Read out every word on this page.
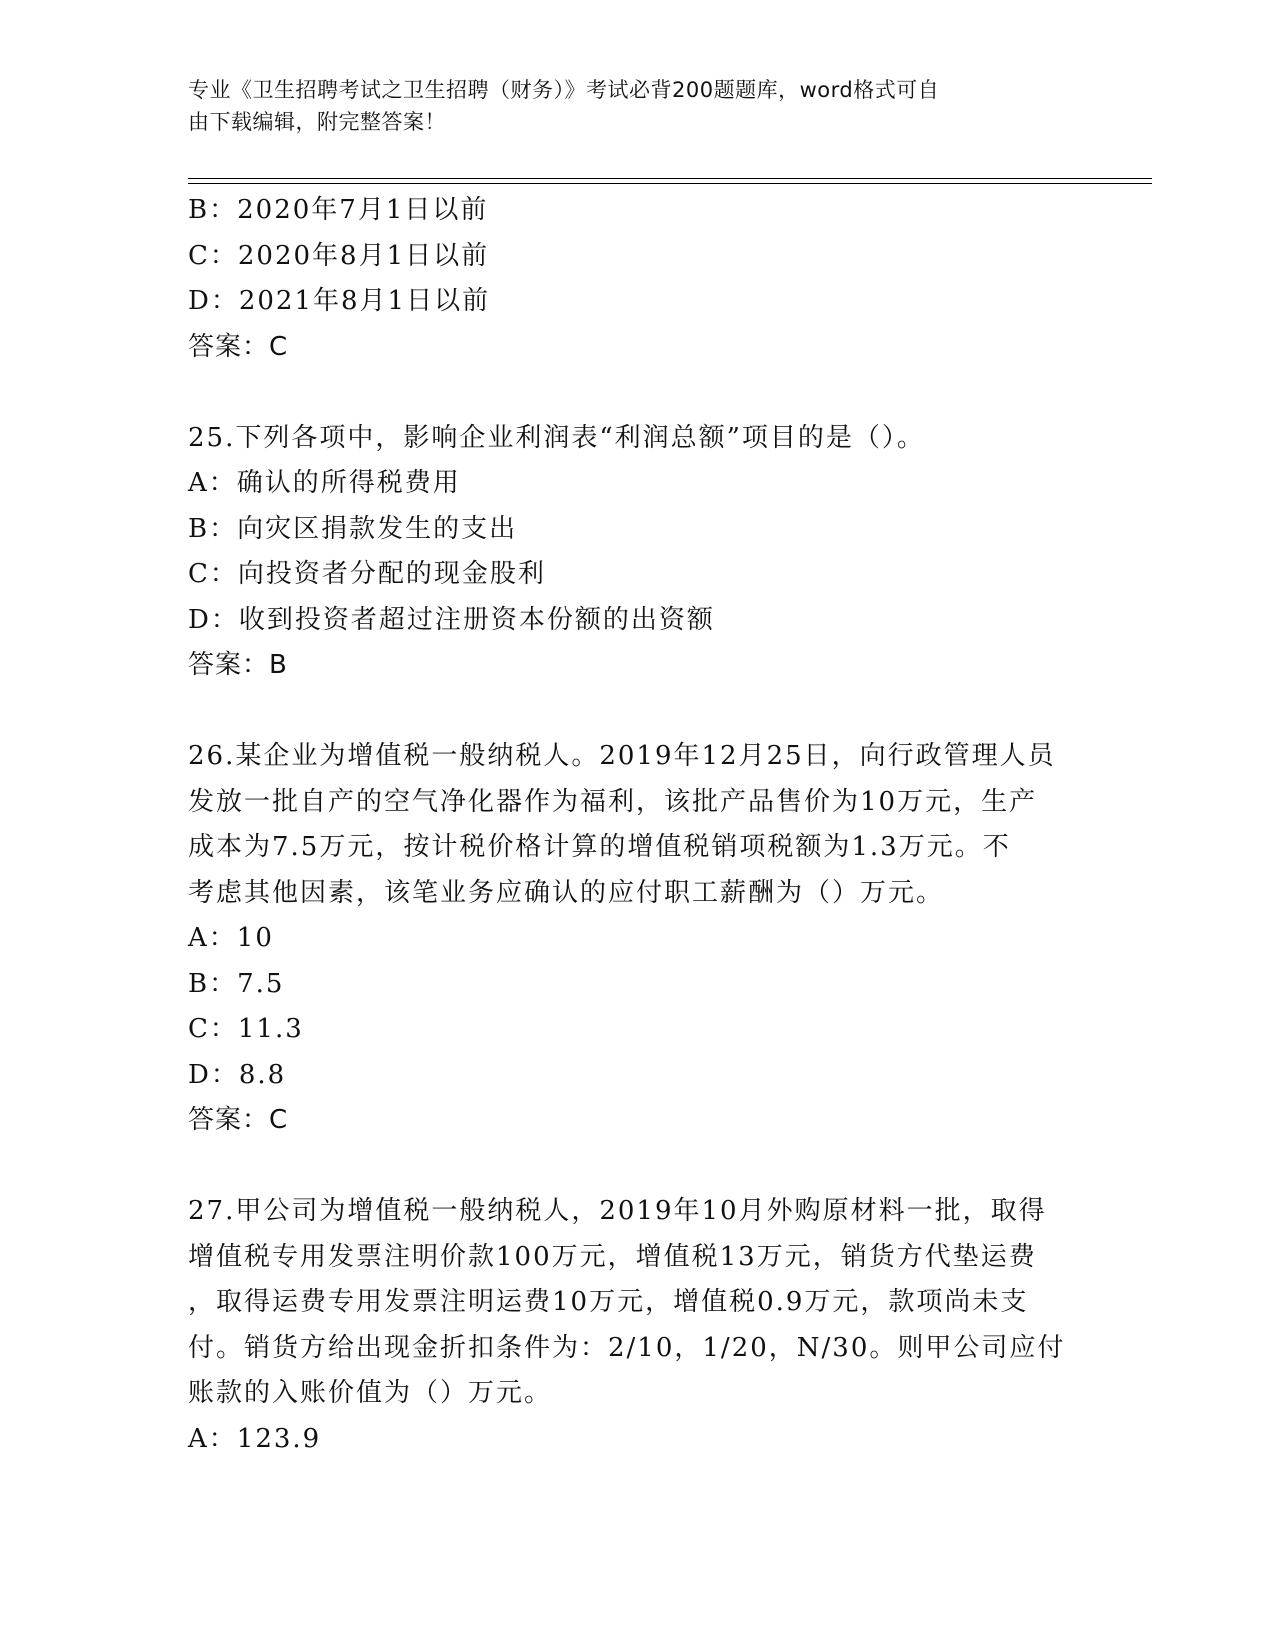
专业《卫生招聘考试之卫生招聘（财务）》考试必背200题题库，word格式可自
由下载编辑，附完整答案！
B：2020年7月1日以前
C：2020年8月1日以前
D：2021年8月1日以前
答案：C
25.下列各项中，影响企业利润表“利润总额”项目的是（）。
A：确认的所得税费用
B：向灾区捐款发生的支出
C：向投资者分配的现金股利
D：收到投资者超过注册资本份额的出资额
答案：B
26.某企业为增值税一般纳税人。2019年12月25日，向行政管理人员
发放一批自产的空气净化器作为福利，该批产品售价为10万元，生产
成本为7.5万元，按计税价格计算的增值税销项税额为1.3万元。不
考虑其他因素，该笔业务应确认的应付职工薪酬为（）万元。
A：10
B：7.5
C：11.3
D：8.8
答案：C
27.甲公司为增值税一般纳税人，2019年10月外购原材料一批，取得
增值税专用发票注明价款100万元，增值税13万元，销货方代垫运费
，取得运费专用发票注明运费10万元，增值税0.9万元，款项尚未支
付。销货方给出现金折扣条件为：2/10，1/20，N/30。则甲公司应付
账款的入账价值为（）万元。
A：123.9
